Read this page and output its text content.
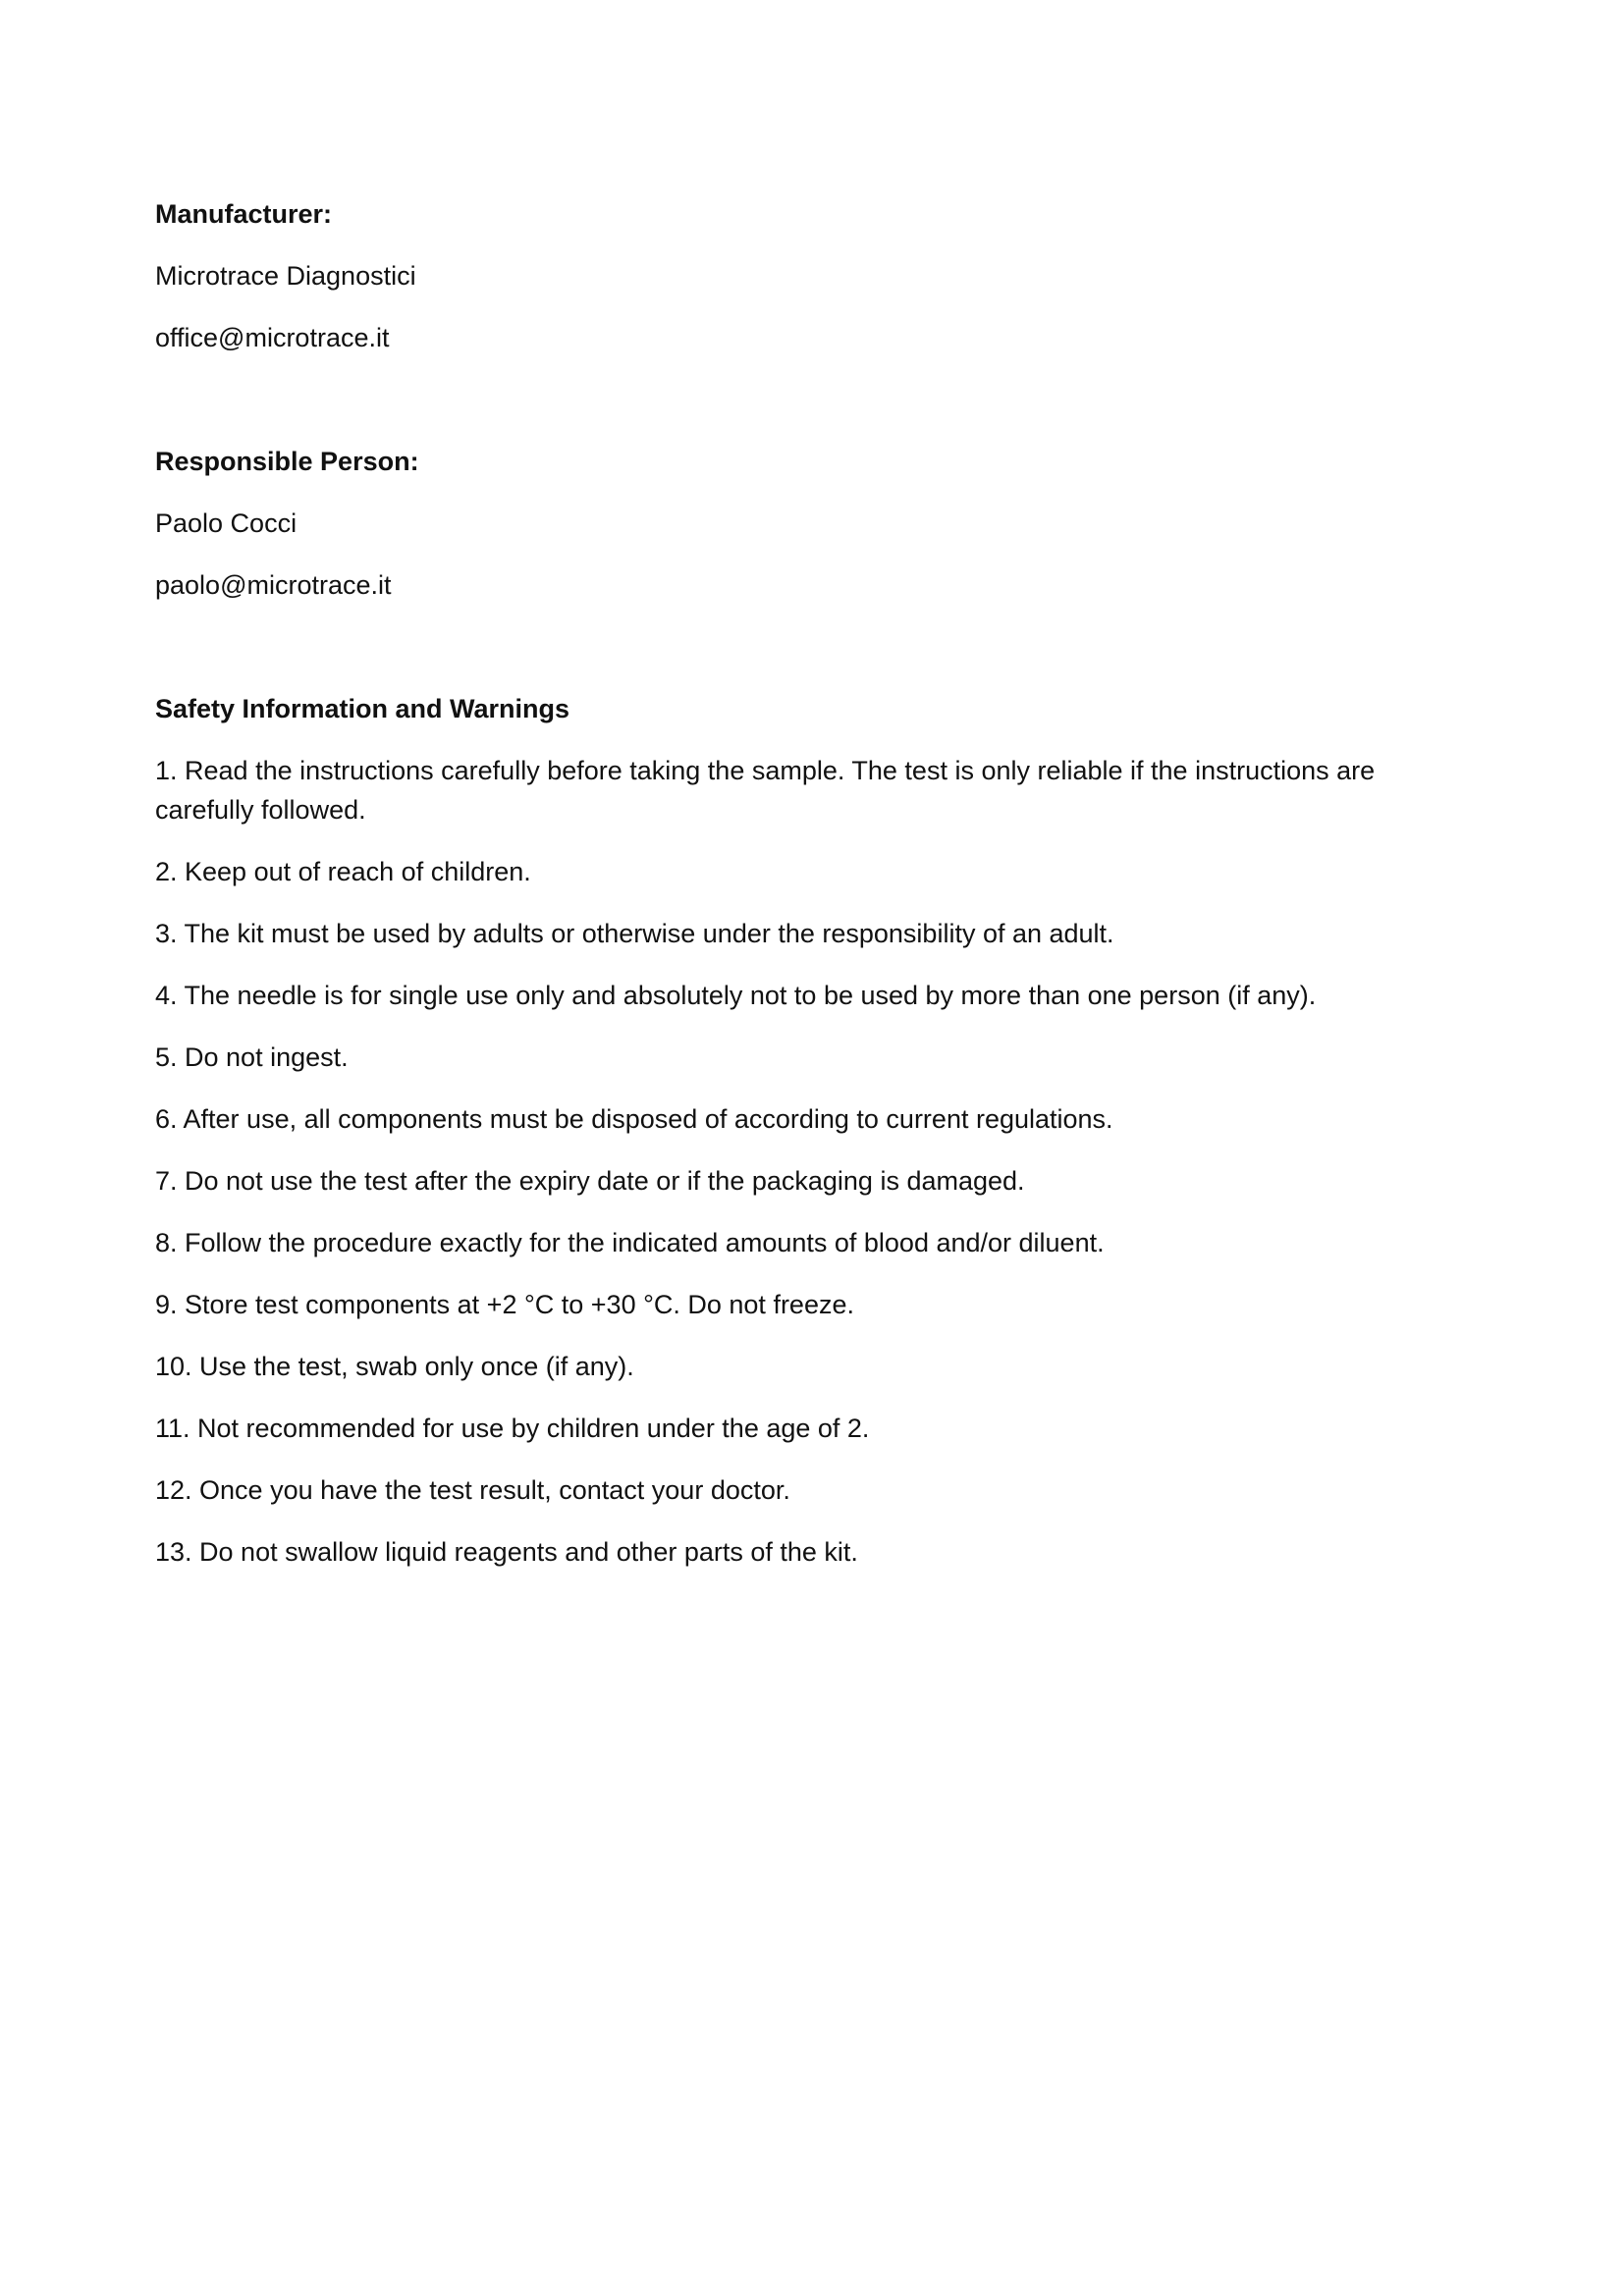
Manufacturer:

Microtrace Diagnostici

office@microtrace.it

Responsible Person:

Paolo Cocci

paolo@microtrace.it

Safety Information and Warnings

1. Read the instructions carefully before taking the sample. The test is only reliable if the instructions are carefully followed.
2. Keep out of reach of children.
3. The kit must be used by adults or otherwise under the responsibility of an adult.
4. The needle is for single use only and absolutely not to be used by more than one person (if any).
5. Do not ingest.
6. After use, all components must be disposed of according to current regulations.
7. Do not use the test after the expiry date or if the packaging is damaged.
8. Follow the procedure exactly for the indicated amounts of blood and/or diluent.
9. Store test components at +2 °C to +30 °C. Do not freeze.
10. Use the test, swab only once (if any).
11. Not recommended for use by children under the age of 2.
12. Once you have the test result, contact your doctor.
13. Do not swallow liquid reagents and other parts of the kit.
